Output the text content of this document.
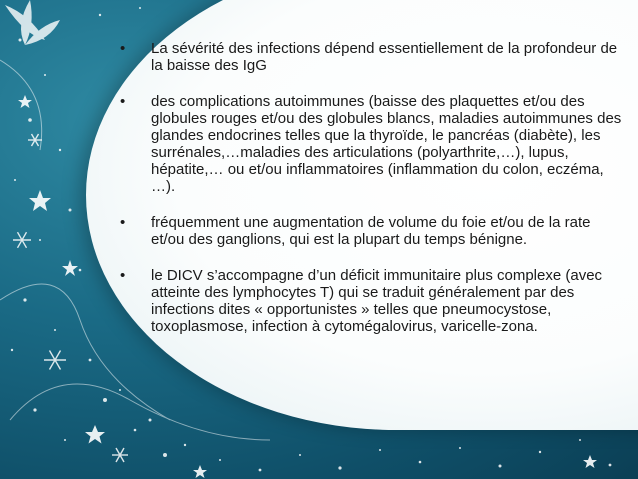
•	La sévérité des infections dépend essentiellement de la profondeur de la baisse des IgG
•	des complications autoimmunes (baisse des plaquettes et/ou des globules rouges et/ou des globules blancs, maladies autoimmunes des glandes endocrines telles que la thyroïde, le pancréas (diabète), les surrénales,…maladies des articulations (polyarthrite,…), lupus, hépatite,… ou et/ou inflammatoires (inflammation du colon, eczéma, …).
•	fréquemment une augmentation de volume du foie et/ou de la rate et/ou des ganglions, qui est la plupart du temps bénigne.
•	le DICV s’accompagne d’un déficit immunitaire plus complexe (avec atteinte des lymphocytes T) qui se traduit généralement par des infections dites « opportunistes » telles que pneumocystose, toxoplasmose, infection à cytomégalovirus, varicelle-zona.
